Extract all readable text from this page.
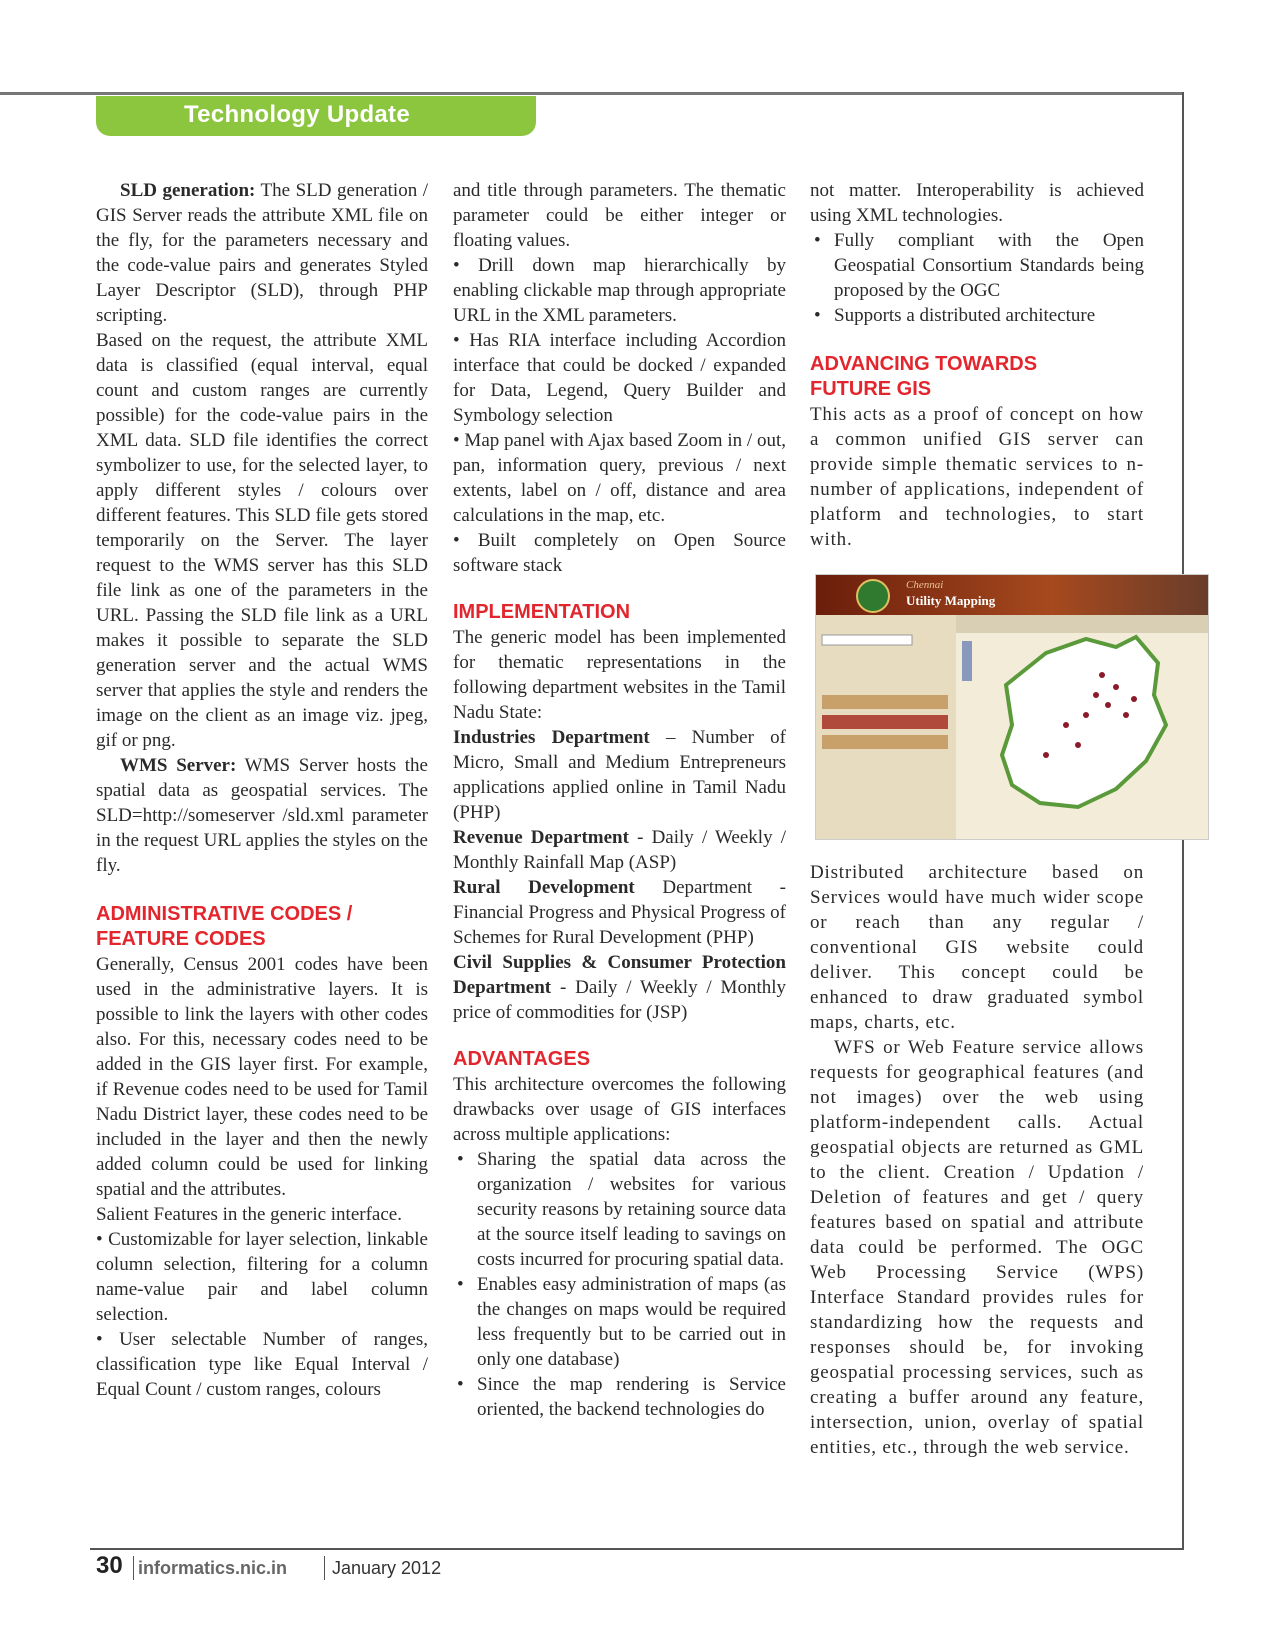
Technology Update

SLD generation: The SLD generation / GIS Server reads the attribute XML file on the fly, for the parameters necessary and the code-value pairs and generates Styled Layer Descriptor (SLD), through PHP scripting.

Based on the request, the attribute XML data is classified (equal interval, equal count and custom ranges are currently possible) for the code-value pairs in the XML data. SLD file identifies the correct symbolizer to use, for the selected layer, to apply different styles / colours over different features. This SLD file gets stored temporarily on the Server. The layer request to the WMS server has this SLD file link as one of the parameters in the URL. Passing the SLD file link as a URL makes it possible to separate the SLD generation server and the actual WMS server that applies the style and renders the image on the client as an image viz. jpeg, gif or png.

WMS Server: WMS Server hosts the spatial data as geospatial services. The SLD=http://someserver /sld.xml parameter in the request URL applies the styles on the fly.

ADMINISTRATIVE CODES /
FEATURE CODES

Generally, Census 2001 codes have been used in the administrative layers. It is possible to link the layers with other codes also. For this, necessary codes need to be added in the GIS layer first. For example, if Revenue codes need to be used for Tamil Nadu District layer, these codes need to be included in the layer and then the newly added column could be used for linking spatial and the attributes.

Salient Features in the generic interface.

• Customizable for layer selection, linkable column selection, filtering for a column name-value pair and label column selection.

• User selectable Number of ranges, classification type like Equal Interval / Equal Count / custom ranges, colours

and title through parameters. The thematic parameter could be either integer or floating values.

• Drill down map hierarchically by enabling clickable map through appropriate URL in the XML parameters.

• Has RIA interface including Accordion interface that could be docked / expanded for Data, Legend, Query Builder and Symbology selection

• Map panel with Ajax based Zoom in / out, pan, information query, previous / next extents, label on / off, distance and area calculations in the map, etc.

• Built completely on Open Source software stack

IMPLEMENTATION

The generic model has been implemented for thematic representations in the following department websites in the Tamil Nadu State:

Industries Department – Number of Micro, Small and Medium Entrepreneurs applications applied online in Tamil Nadu (PHP)

Revenue Department - Daily / Weekly / Monthly Rainfall Map (ASP)

Rural Development Department - Financial Progress and Physical Progress of Schemes for Rural Development (PHP)

Civil Supplies & Consumer Protection Department - Daily / Weekly / Monthly price of commodities for (JSP)

ADVANTAGES

This architecture overcomes the following drawbacks over usage of GIS interfaces across multiple applications:

• Sharing the spatial data across the organization / websites for various security reasons by retaining source data at the source itself leading to savings on costs incurred for procuring spatial data.
• Enables easy administration of maps (as the changes on maps would be required less frequently but to be carried out in only one database)
• Since the map rendering is Service oriented, the backend technologies do

not matter. Interoperability is achieved using XML technologies.

• Fully compliant with the Open Geospatial Consortium Standards being proposed by the OGC
• Supports a distributed architecture
ADVANCING TOWARDS
FUTURE GIS

This acts as a proof of concept on how a common unified GIS server can provide simple thematic services to n-number of applications, independent of platform and technologies, to start with.

Distributed architecture based on Services would have much wider scope or reach than any regular / conventional GIS website could deliver. This concept could be enhanced to draw graduated symbol maps, charts, etc.

WFS or Web Feature service allows requests for geographical features (and not images) over the web using platform-independent calls. Actual geospatial objects are returned as GML to the client. Creation / Updation / Deletion of features and get / query features based on spatial and attribute data could be performed. The OGC Web Processing Service (WPS) Interface Standard provides rules for standardizing how the requests and responses should be, for invoking geospatial processing services, such as creating a buffer around any feature, intersection, union, overlay of spatial entities, etc., through the web service.

Chennai
Utility Mapping
30 informatics.nic.in January 2012
